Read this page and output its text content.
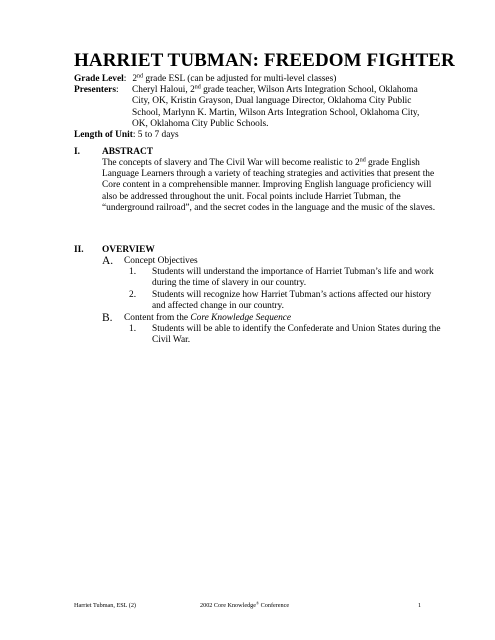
HARRIET TUBMAN: FREEDOM FIGHTER
Grade Level: 2nd grade ESL (can be adjusted for multi-level classes)
Presenters:	Cheryl Haloui, 2nd grade teacher, Wilson Arts Integration School, Oklahoma City, OK, Kristin Grayson, Dual language Director, Oklahoma City Public School, Marlynn K. Martin, Wilson Arts Integration School, Oklahoma City, OK, Oklahoma City Public Schools.
Length of Unit: 5 to 7 days
I. ABSTRACT

The concepts of slavery and The Civil War will become realistic to 2nd grade English Language Learners through a variety of teaching strategies and activities that present the Core content in a comprehensible manner. Improving English language proficiency will also be addressed throughout the unit. Focal points include Harriet Tubman, the “underground railroad”, and the secret codes in the language and the music of the slaves.

II. OVERVIEW
A. Concept Objectives
1. Students will understand the importance of Harriet Tubman’s life and work during the time of slavery in our country.
2. Students will recognize how Harriet Tubman’s actions affected our history and affected change in our country.
B. Content from the Core Knowledge Sequence
1. Students will be able to identify the Confederate and Union States during the Civil War.
Harriet Tubman, ESL (2)	2002 Core Knowledge® Conference	1
